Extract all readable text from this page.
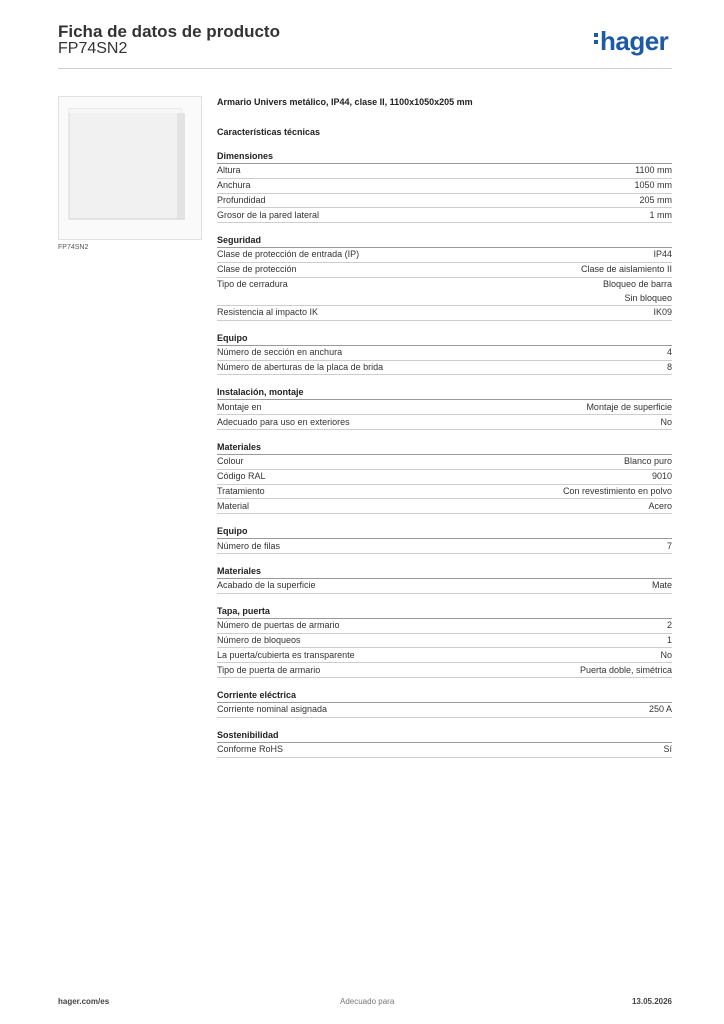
Ficha de datos de producto
FP74SN2	hager
FP74SN2
Armario Univers metálico, IP44, clase II, 1100x1050x205 mm
Características técnicas
Dimensiones
Altura	1100 mm
Anchura	1050 mm
Profundidad	205 mm
Grosor de la pared lateral	1 mm
Seguridad
Clase de protección de entrada (IP)	IP44
Clase de protección	Clase de aislamiento II
Tipo de cerradura	Bloqueo de barra
Sin bloqueo
Resistencia al impacto IK	IK09
Equipo
Número de sección en anchura	4
Número de aberturas de la placa de brida	8
Instalación, montaje
Montaje en	Montaje de superficie
Adecuado para uso en exteriores	No
Materiales
Colour	Blanco puro
Código RAL	9010
Tratamiento	Con revestimiento en polvo
Material	Acero
Equipo
Número de filas	7
Materiales
Acabado de la superficie	Mate
Tapa, puerta
Número de puertas de armario	2
Número de bloqueos	1
La puerta/cubierta es transparente	No
Tipo de puerta de armario	Puerta doble, simétrica
Corriente eléctrica
Corriente nominal asignada	250 A
Sostenibilidad
Conforme RoHS	Sí
hager.com/es	Adecuado para	13.05.2026
